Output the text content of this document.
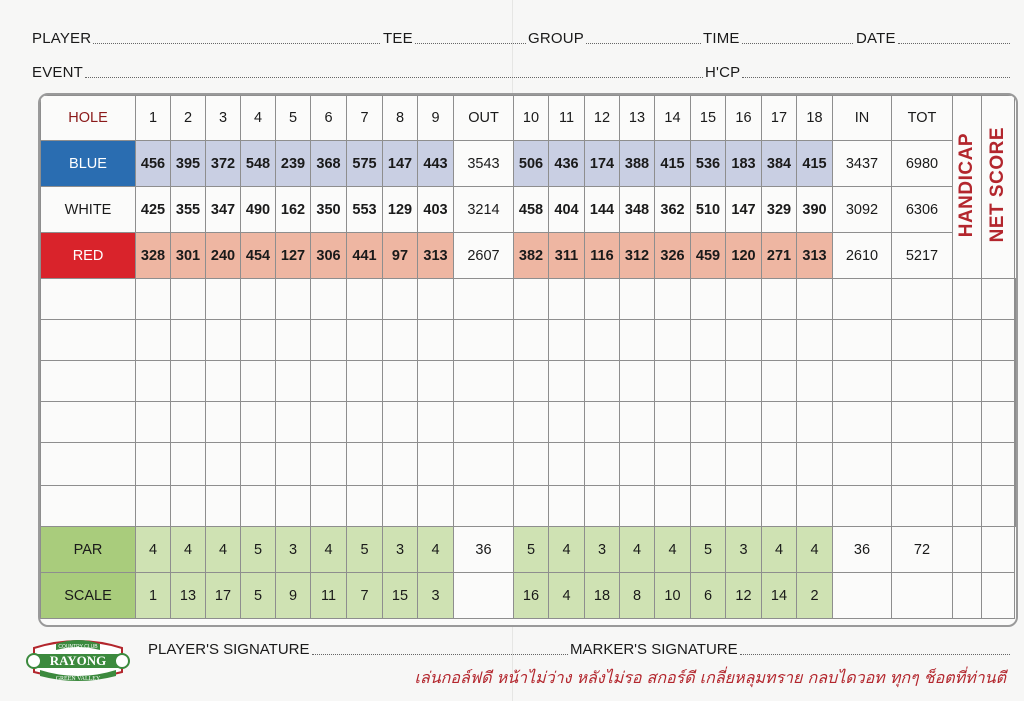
PLAYER	TEE	GROUP	TIME	DATE
EVENT	H'CP
HOLE	1	2	3	4	5	6	7	8	9	OUT	10	11	12	13	14	15	16	17	18	IN	TOT	HANDICAP	NET SCORE	
BLUE	456	395	372	548	239	368	575	147	443	3543	506	436	174	388	415	536	183	384	415	3437	6980			
WHITE	425	355	347	490	162	350	553	129	403	3214	458	404	144	348	362	510	147	329	390	3092	6306			
RED	328	301	240	454	127	306	441	97	313	2607	382	311	116	312	326	459	120	271	313	2610	5217			

PAR	4	4	4	5	3	4	5	3	4	36	5	4	3	4	4	5	3	4	4	36	72			
SCALE	1	13	17	5	9	11	7	15	3		16	4	18	8	10	6	12	14	2					
COUNTRY CLUB
RAYONG
GREEN VALLEY
PLAYER'S SIGNATURE	MARKER'S SIGNATURE
เล่นกอล์ฟดี หน้าไม่ว่าง หลังไม่รอ สกอร์ดี เกลี่ยหลุมทราย กลบไดวอท ทุกๆ ช็อตที่ท่านตี
